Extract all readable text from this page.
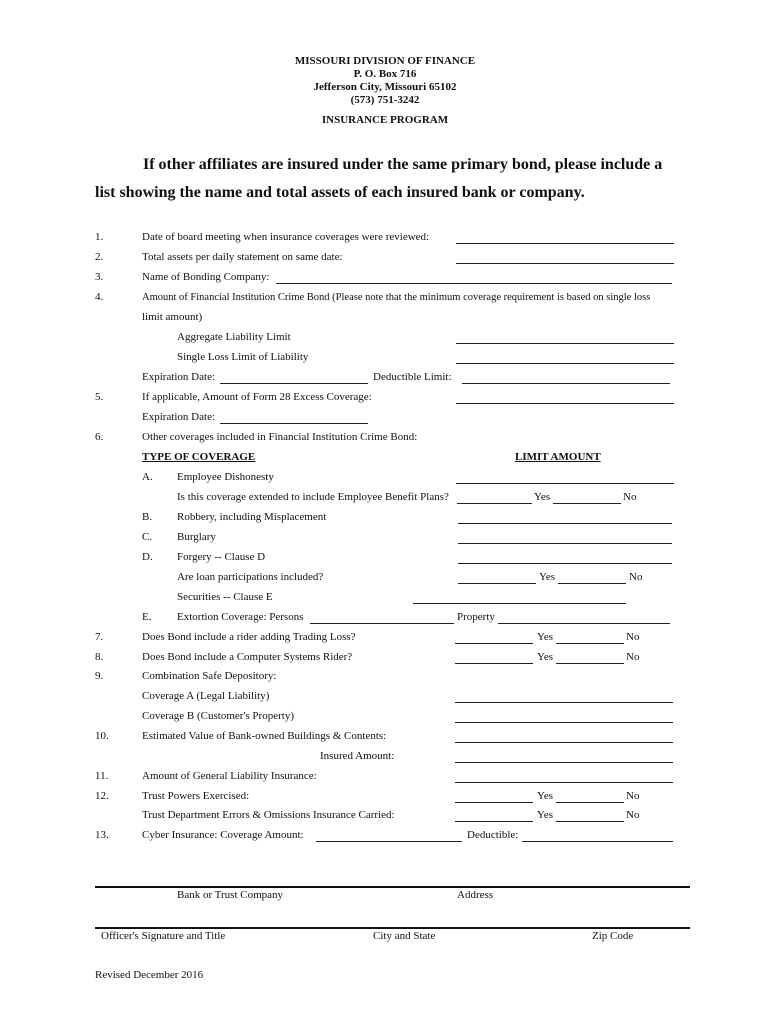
MISSOURI DIVISION OF FINANCE
P. O. Box 716
Jefferson City, Missouri 65102
(573) 751-3242
INSURANCE PROGRAM
If other affiliates are insured under the same primary bond, please include a
list showing the name and total assets of each insured bank or company.
1.	Date of board meeting when insurance coverages were reviewed:
2.	Total assets per daily statement on same date:
3.	Name of Bonding Company:
4.	Amount of Financial Institution Crime Bond (Please note that the minimum coverage requirement is based on single loss
limit amount)
Aggregate Liability Limit
Single Loss Limit of Liability
Expiration Date:	Deductible Limit:
5.	If applicable, Amount of Form 28 Excess Coverage:
Expiration Date:
6.	Other coverages included in Financial Institution Crime Bond:
TYPE OF COVERAGE	LIMIT AMOUNT
A. Employee Dishonesty
Is this coverage extended to include Employee Benefit Plans?	Yes	No
B. Robbery, including Misplacement
C. Burglary
D. Forgery -- Clause D
Are loan participations included?	Yes	No
Securities -- Clause E
E. Extortion Coverage: Persons	Property
7.	Does Bond include a rider adding Trading Loss?	Yes	No
8.	Does Bond include a Computer Systems Rider?	Yes	No
9.	Combination Safe Depository:
Coverage A (Legal Liability)
Coverage B (Customer's Property)
10.	Estimated Value of Bank-owned Buildings & Contents:
Insured Amount:
11.	Amount of General Liability Insurance:
12.	Trust Powers Exercised:	Yes	No
Trust Department Errors & Omissions Insurance Carried:	Yes	No
13.	Cyber Insurance: Coverage Amount:	Deductible:
Bank or Trust Company	Address
Officer's Signature and Title	City and State	Zip Code
Revised December 2016
